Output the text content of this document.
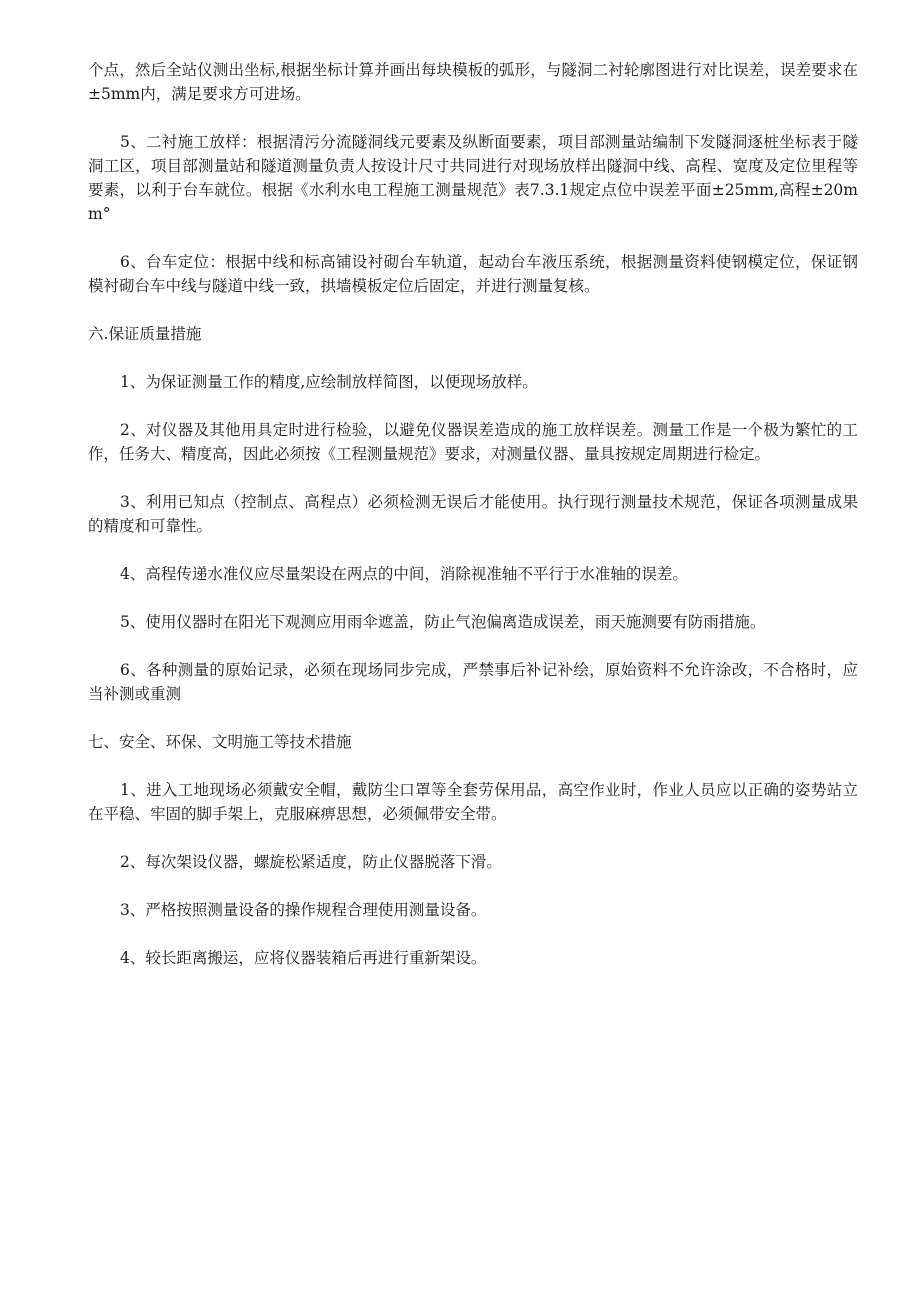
个点，然后全站仪测出坐标,根据坐标计算并画出每块模板的弧形，与隧洞二衬轮廓图进行对比误差，误差要求在±5mm内，满足要求方可进场。

5、二衬施工放样：根据清污分流隧洞线元要素及纵断面要素，项目部测量站编制下发隧洞逐桩坐标表于隧洞工区，项目部测量站和隧道测量负责人按设计尺寸共同进行对现场放样出隧洞中线、高程、宽度及定位里程等要素，以利于台车就位。根据《水利水电工程施工测量规范》表7.3.1规定点位中误差平面±25mm,高程±20mm°

6、台车定位：根据中线和标高铺设衬砌台车轨道，起动台车液压系统，根据测量资料使钢模定位，保证钢模衬砌台车中线与隧道中线一致，拱墙模板定位后固定，并进行测量复核。

六.保证质量措施

1、为保证测量工作的精度,应绘制放样简图，以便现场放样。

2、对仪器及其他用具定时进行检验，以避免仪器误差造成的施工放样误差。测量工作是一个极为繁忙的工作，任务大、精度高，因此必须按《工程测量规范》要求，对测量仪器、量具按规定周期进行检定。

3、利用已知点（控制点、高程点）必须检测无误后才能使用。执行现行测量技术规范，保证各项测量成果的精度和可靠性。

4、高程传递水准仪应尽量架设在两点的中间，消除视准轴不平行于水准轴的误差。

5、使用仪器时在阳光下观测应用雨伞遮盖，防止气泡偏离造成误差，雨天施测要有防雨措施。

6、各种测量的原始记录，必须在现场同步完成，严禁事后补记补绘，原始资料不允许涂改，不合格时，应当补测或重测

七、安全、环保、文明施工等技术措施

1、进入工地现场必须戴安全帽，戴防尘口罩等全套劳保用品，高空作业时，作业人员应以正确的姿势站立在平稳、牢固的脚手架上，克服麻痹思想，必须佩带安全带。

2、每次架设仪器，螺旋松紧适度，防止仪器脱落下滑。

3、严格按照测量设备的操作规程合理使用测量设备。

4、较长距离搬运，应将仪器装箱后再进行重新架设。
